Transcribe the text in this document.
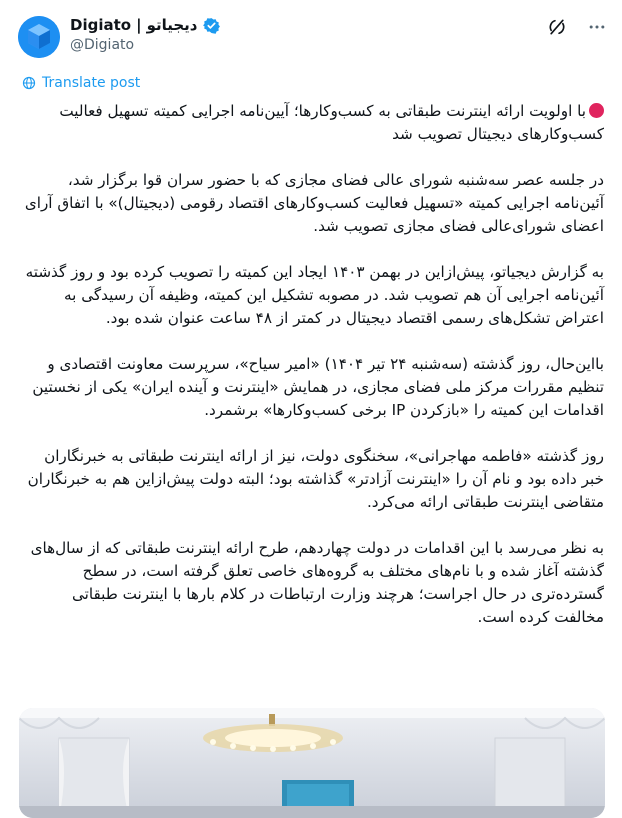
Digiato | دیجیاتو
@Digiato
Translate post

با اولویت ارائه اینترنت طبقاتی به کسب‌وکارها؛ آیین‌نامه اجرایی کمیته تسهیل فعالیت کسب‌وکارهای دیجیتال تصویب شد

در جلسه عصر سه‌شنبه شورای عالی فضای مجازی که با حضور سران قوا برگزار شد، آئین‌نامه اجرایی کمیته «تسهیل فعالیت کسب‌وکارهای اقتصاد رقومی (دیجیتال)» با اتفاق آرای اعضای شورای‌عالی فضای مجازی تصویب شد.

به گزارش دیجیاتو، پیش‌ازاین در بهمن ۱۴۰۳ ایجاد این کمیته را تصویب کرده بود و روز گذشته آئین‌نامه اجرایی آن هم تصویب شد. در مصوبه تشکیل این کمیته، وظیفه آن رسیدگی به اعتراض تشکل‌های رسمی اقتصاد دیجیتال در کمتر از ۴۸ ساعت عنوان شده بود.

بااین‌حال، روز گذشته (سه‌شنبه ۲۴ تیر ۱۴۰۴) «امیر سیاح»، سرپرست معاونت اقتصادی و تنظیم مقررات مرکز ملی فضای مجازی، در همایش «اینترنت و آینده ایران» یکی از نخستین اقدامات این کمیته را «بازکردن IP برخی کسب‌وکارها» برشمرد.

روز گذشته «فاطمه مهاجرانی»، سخنگوی دولت، نیز از ارائه اینترنت طبقاتی به خبرنگاران خبر داده بود و نام آن را «اینترنت آزادتر» گذاشته بود؛ البته دولت پیش‌ازاین هم به خبرنگاران متقاضی اینترنت طبقاتی ارائه می‌کرد.

به نظر می‌رسد با این اقدامات در دولت چهاردهم، طرح ارائه اینترنت طبقاتی که از سال‌های گذشته آغاز شده و با نام‌های مختلف به گروه‌های خاصی تعلق گرفته است، در سطح گسترده‌تری در حال اجراست؛ هرچند وزارت ارتباطات در کلام بارها با اینترنت طبقاتی مخالفت کرده است.
